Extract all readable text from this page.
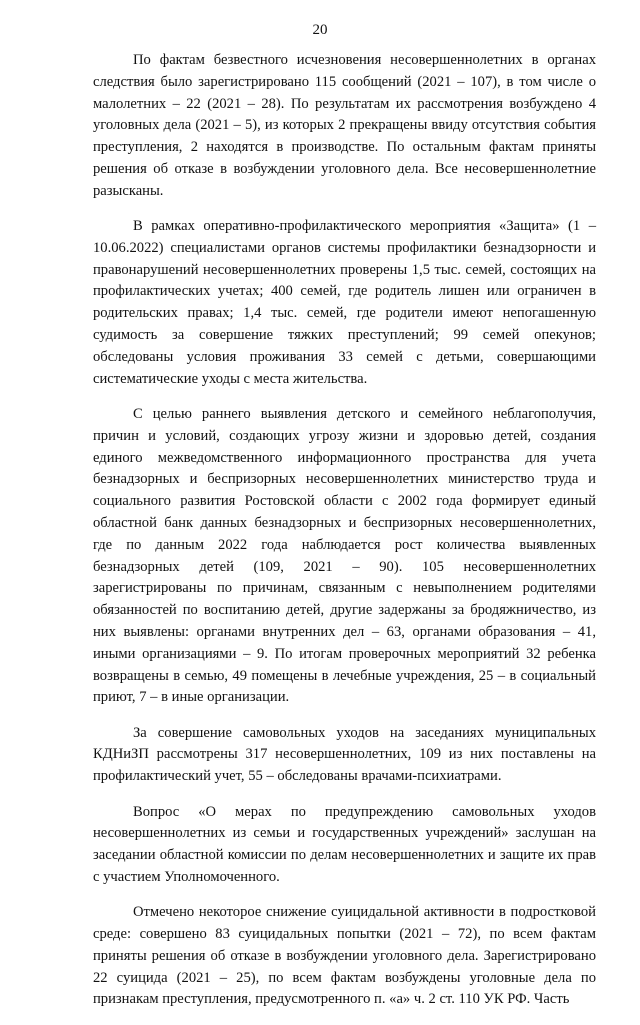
20

По фактам безвестного исчезновения несовершеннолетних в органах следствия было зарегистрировано 115 сообщений (2021 – 107), в том числе о малолетних – 22 (2021 – 28). По результатам их рассмотрения возбуждено 4 уголовных дела (2021 – 5), из которых 2 прекращены ввиду отсутствия события преступления, 2 находятся в производстве. По остальным фактам приняты решения об отказе в возбуждении уголовного дела. Все несовершеннолетние разысканы.

В рамках оперативно-профилактического мероприятия «Защита» (1 – 10.06.2022) специалистами органов системы профилактики безнадзорности и правонарушений несовершеннолетних проверены 1,5 тыс. семей, состоящих на профилактических учетах; 400 семей, где родитель лишен или ограничен в родительских правах; 1,4 тыс. семей, где родители имеют непогашенную судимость за совершение тяжких преступлений; 99 семей опекунов; обследованы условия проживания 33 семей с детьми, совершающими систематические уходы с места жительства.

С целью раннего выявления детского и семейного неблагополучия, причин и условий, создающих угрозу жизни и здоровью детей, создания единого межведомственного информационного пространства для учета безнадзорных и беспризорных несовершеннолетних министерство труда и социального развития Ростовской области с 2002 года формирует единый областной банк данных безнадзорных и беспризорных несовершеннолетних, где по данным 2022 года наблюдается рост количества выявленных безнадзорных детей (109, 2021 – 90). 105 несовершеннолетних зарегистрированы по причинам, связанным с невыполнением родителями обязанностей по воспитанию детей, другие задержаны за бродяжничество, из них выявлены: органами внутренних дел – 63, органами образования – 41, иными организациями – 9. По итогам проверочных мероприятий 32 ребенка возвращены в семью, 49 помещены в лечебные учреждения, 25 – в социальный приют, 7 – в иные организации.

За совершение самовольных уходов на заседаниях муниципальных КДНиЗП рассмотрены 317 несовершеннолетних, 109 из них поставлены на профилактический учет, 55 – обследованы врачами-психиатрами.

Вопрос «О мерах по предупреждению самовольных уходов несовершеннолетних из семьи и государственных учреждений» заслушан на заседании областной комиссии по делам несовершеннолетних и защите их прав с участием Уполномоченного.

Отмечено некоторое снижение суицидальной активности в подростковой среде: совершено 83 суицидальных попытки (2021 – 72), по всем фактам приняты решения об отказе в возбуждении уголовного дела. Зарегистрировано 22 суицида (2021 – 25), по всем фактам возбуждены уголовные дела по признакам преступления, предусмотренного п. «а» ч. 2 ст. 110 УК РФ. Часть
